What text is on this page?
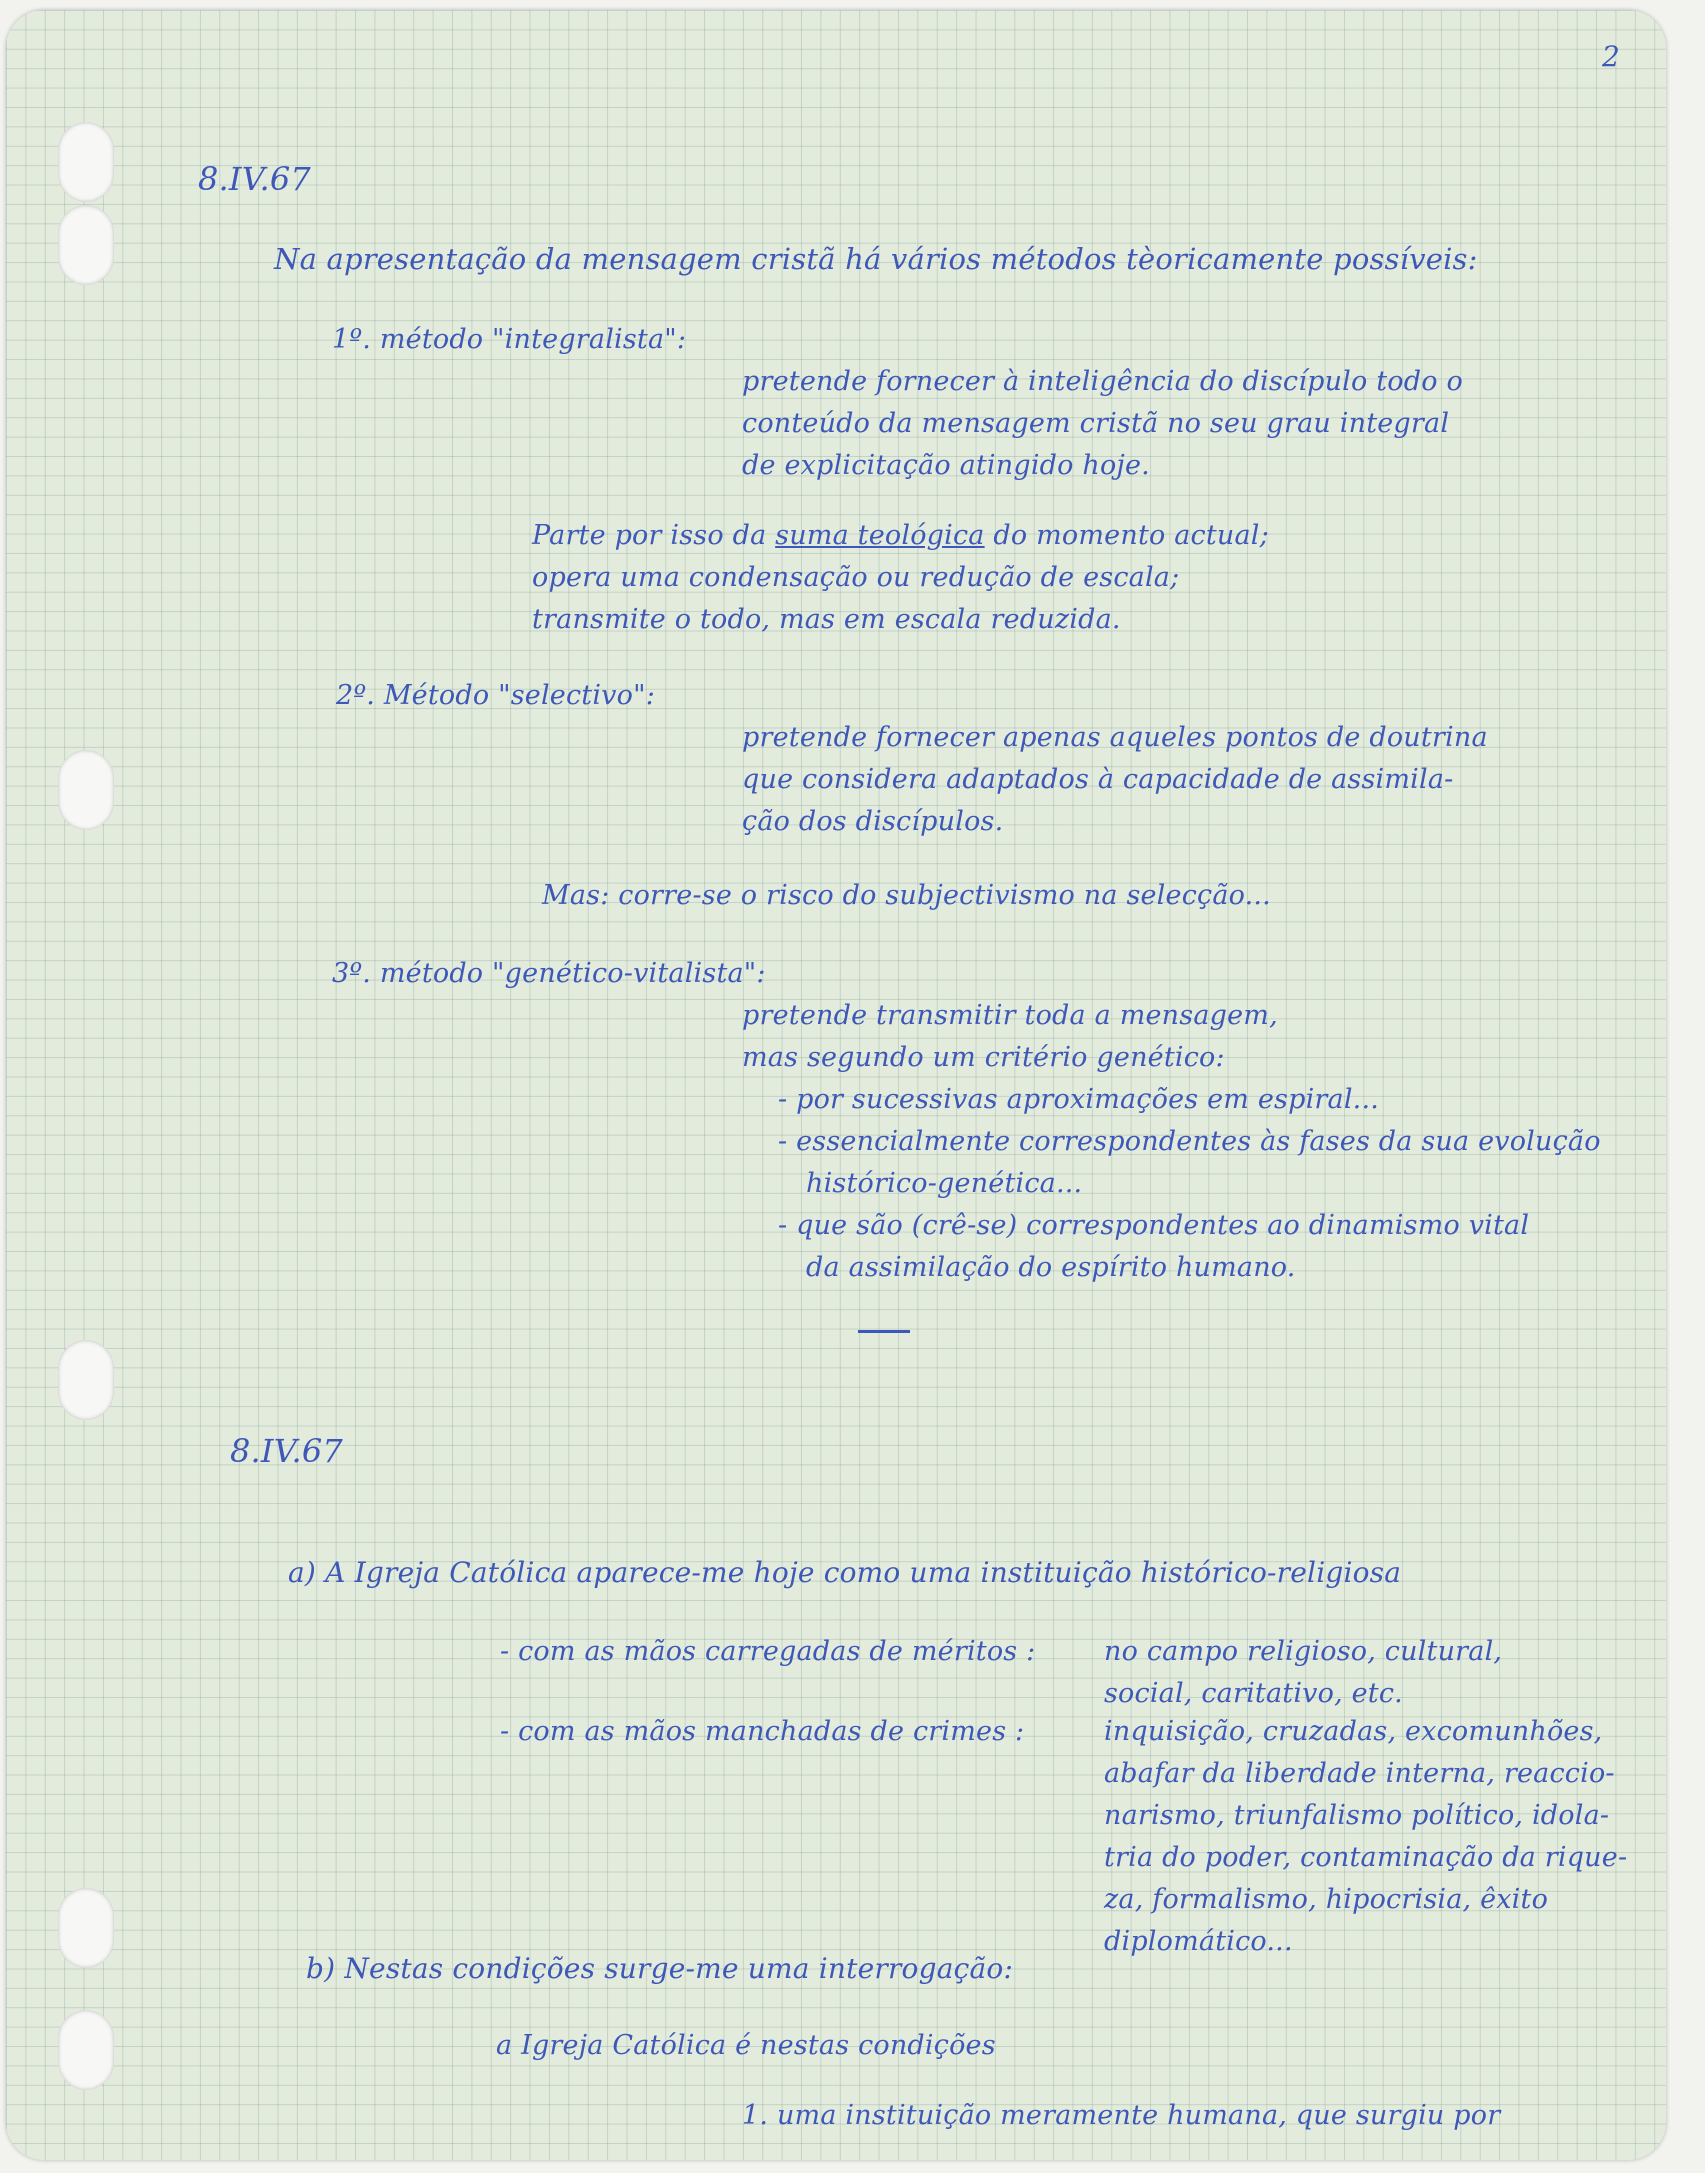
2
8.IV.67
Na apresentação da mensagem cristã há vários métodos tèoricamente possíveis:
1º. método "integralista":
pretende fornecer à inteligência do discípulo todo o
conteúdo da mensagem cristã no seu grau integral
de explicitação atingido hoje.
Parte por isso da suma teológica do momento actual;
opera uma condensação ou redução de escala;
transmite o todo, mas em escala reduzida.
2º. Método "selectivo":
pretende fornecer apenas aqueles pontos de doutrina
que considera adaptados à capacidade de assimila-
ção dos discípulos.
Mas: corre-se o risco do subjectivismo na selecção...
3º. método "genético-vitalista":
pretende transmitir toda a mensagem,
mas segundo um critério genético:
- por sucessivas aproximações em espiral...
- essencialmente correspondentes às fases da sua evolução
histórico-genética...
- que são (crê-se) correspondentes ao dinamismo vital
da assimilação do espírito humano.
8.IV.67
a) A Igreja Católica aparece-me hoje como uma instituição histórico-religiosa
- com as mãos carregadas de méritos :	no campo religioso, cultural,
social, caritativo, etc.
- com as mãos manchadas de crimes :	inquisição, cruzadas, excomunhões,
abafar da liberdade interna, reaccio-
narismo, triunfalismo político, idola-
tria do poder, contaminação da rique-
za, formalismo, hipocrisia, êxito
diplomático...
b) Nestas condições surge-me uma interrogação:
a Igreja Católica é nestas condições
1. uma instituição meramente humana, que surgiu por
